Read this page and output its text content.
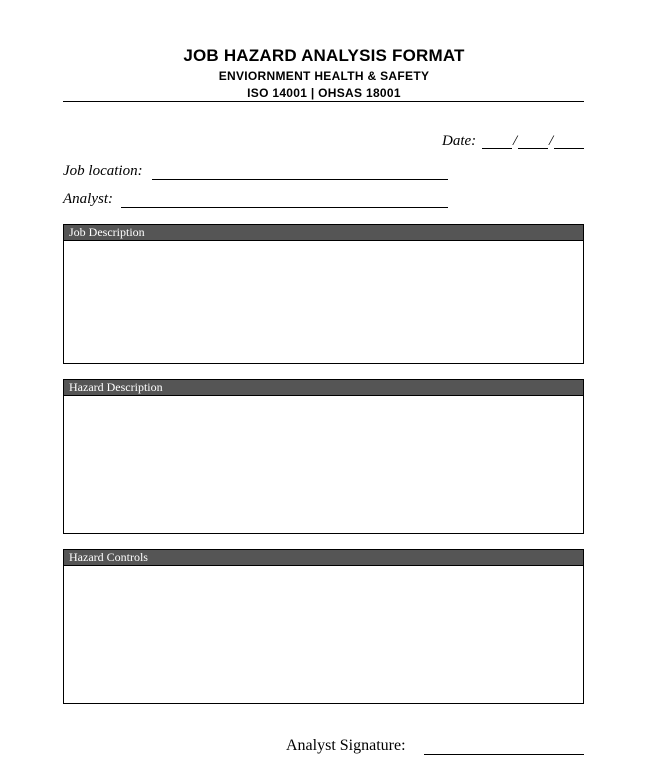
JOB HAZARD ANALYSIS FORMAT
ENVIORNMENT HEALTH & SAFETY
ISO 14001 | OHSAS 18001
Date: / /
Job location:
Analyst:
Job Description
Hazard Description
Hazard Controls
Analyst Signature:
